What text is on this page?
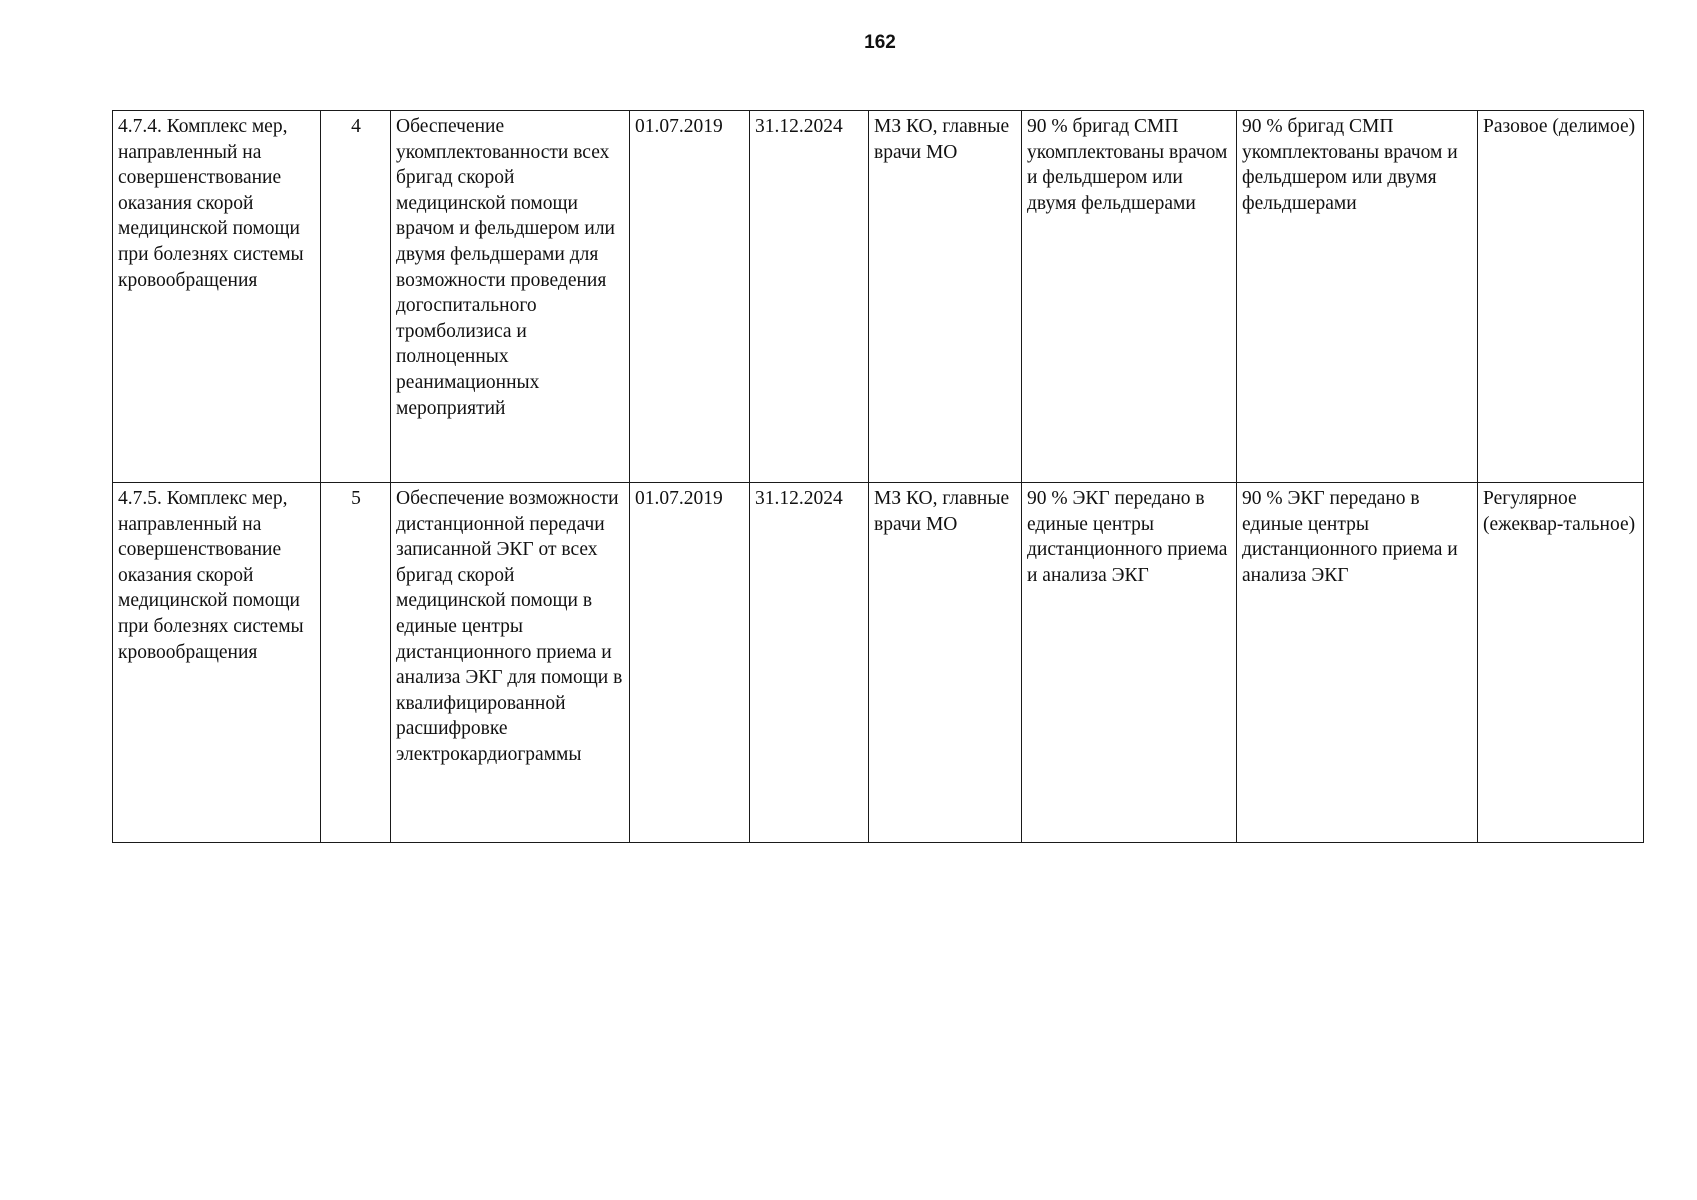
162
4.7.4. Комплекс мер, направленный на совершенствование оказания скорой медицинской помощи при болезнях системы кровообращения	4	Обеспечение укомплектованности всех бригад скорой медицинской помощи врачом и фельдшером или двумя фельдшерами для возможности проведения догоспитального тромболизиса и полноценных реанимационных мероприятий	01.07.2019	31.12.2024	МЗ КО, главные врачи МО	90 % бригад СМП укомплектованы врачом и фельдшером или двумя фельдшерами	90 % бригад СМП укомплектованы врачом и фельдшером или двумя фельдшерами	Разовое (делимое)
4.7.5. Комплекс мер, направленный на совершенствование оказания скорой медицинской помощи при болезнях системы кровообращения	5	Обеспечение возможности дистанционной передачи записанной ЭКГ от всех бригад скорой медицинской помощи в единые центры дистанционного приема и анализа ЭКГ для помощи в квалифицированной расшифровке электрокардиограммы	01.07.2019	31.12.2024	МЗ КО, главные врачи МО	90 % ЭКГ передано в единые центры дистанционного приема и анализа ЭКГ	90 % ЭКГ передано в единые центры дистанционного приема и анализа ЭКГ	Регулярное (ежеквар-тальное)
